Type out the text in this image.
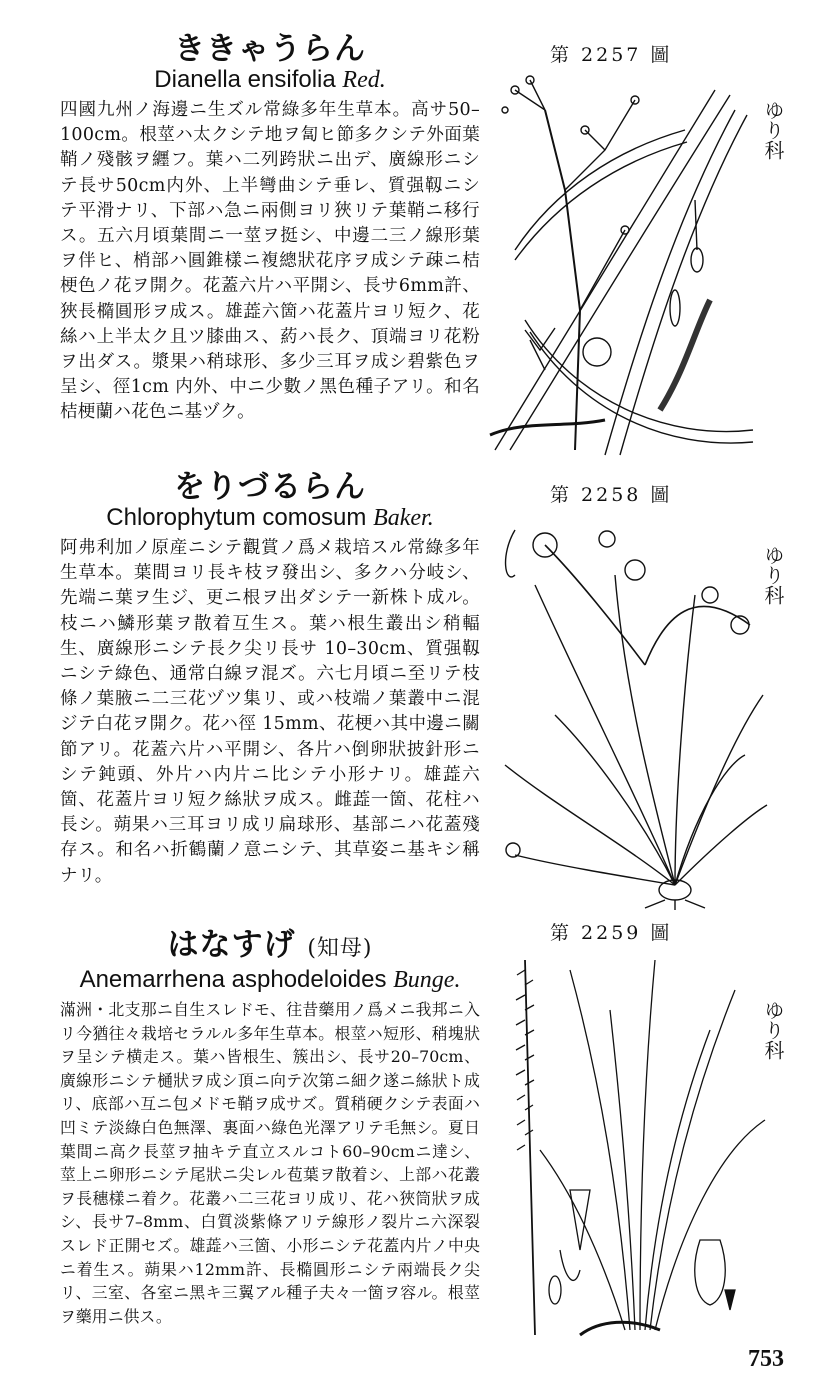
ききゃうらん

Dianella ensifolia Red.

四國九州ノ海邊ニ生ズル常綠多年生草本。高サ50–100cm。根莖ハ太クシテ地ヲ匐ヒ節多クシテ外面葉鞘ノ殘骸ヲ纒フ。葉ハ二列跨狀ニ出デ、廣線形ニシテ長サ50cm内外、上半彎曲シテ垂レ、質强靱ニシテ平滑ナリ、下部ハ急ニ兩側ヨリ狹リテ葉鞘ニ移行ス。五六月頃葉間ニ一莖ヲ挺シ、中邊二三ノ線形葉ヲ伴ヒ、梢部ハ圓錐樣ニ複總狀花序ヲ成シテ疎ニ桔梗色ノ花ヲ開ク。花蓋六片ハ平開シ、長サ6mm許、狹長橢圓形ヲ成ス。雄蕋六箇ハ花蓋片ヨリ短ク、花絲ハ上半太ク且ツ膝曲ス、葯ハ長ク、頂端ヨリ花粉ヲ出ダス。漿果ハ稍球形、多少三耳ヲ成シ碧紫色ヲ呈シ、徑1cm 内外、中ニ少數ノ黑色種子アリ。和名 桔梗蘭ハ花色ニ基ヅク。

をりづるらん

Chlorophytum comosum Baker.

阿弗利加ノ原産ニシテ觀賞ノ爲メ栽培スル常綠多年生草本。葉間ヨリ長キ枝ヲ發出シ、多クハ分岐シ、先端ニ葉ヲ生ジ、更ニ根ヲ出ダシテ一新株ト成ル。枝ニハ鱗形葉ヲ散着互生ス。葉ハ根生叢出シ稍輻生、廣線形ニシテ長ク尖リ長サ 10–30cm、質强靱ニシテ綠色、通常白線ヲ混ズ。六七月頃ニ至リテ枝條ノ葉腋ニ二三花ヅツ集リ、或ハ枝端ノ葉叢中ニ混ジテ白花ヲ開ク。花ハ徑 15mm、花梗ハ其中邊ニ關節アリ。花蓋六片ハ平開シ、各片ハ倒卵狀披針形ニシテ鈍頭、外片ハ内片ニ比シテ小形ナリ。雄蕋六箇、花蓋片ヨリ短ク絲狀ヲ成ス。雌蕋一箇、花柱ハ長シ。蒴果ハ三耳ヨリ成リ扁球形、基部ニハ花蓋殘存ス。和名ハ折鶴蘭ノ意ニシテ、其草姿ニ基キシ稱ナリ。

はなすげ (知母)

Anemarrhena asphodeloides Bunge.

滿洲・北支那ニ自生スレドモ、往昔藥用ノ爲メニ我邦ニ入リ今猶往々栽培セラルル多年生草本。根莖ハ短形、稍塊狀ヲ呈シテ横走ス。葉ハ皆根生、簇出シ、長サ20–70cm、廣線形ニシテ樋狀ヲ成シ頂ニ向テ次第ニ細ク遂ニ絲狀ト成リ、底部ハ互ニ包メドモ鞘ヲ成サズ。質稍硬クシテ表面ハ凹ミテ淡綠白色無澤、裏面ハ綠色光澤アリテ毛無シ。夏日葉間ニ高ク長莖ヲ抽キテ直立スルコト60–90cmニ達シ、莖上ニ卵形ニシテ尾狀ニ尖レル苞葉ヲ散着シ、上部ハ花叢ヲ長穗樣ニ着ク。花叢ハ二三花ヨリ成リ、花ハ狹筒狀ヲ成シ、長サ7–8mm、白質淡紫條アリテ線形ノ裂片ニ六深裂スレド正開セズ。雄蕋ハ三箇、小形ニシテ花蓋内片ノ中央ニ着生ス。蒴果ハ12mm許、長橢圓形ニシテ兩端長ク尖リ、三室、各室ニ黑キ三翼アル種子夫々一箇ヲ容ル。根莖ヲ藥用ニ供ス。

第 2257 圖
第 2258 圖
第 2259 圖
ゆり科
ゆり科
ゆり科
753
